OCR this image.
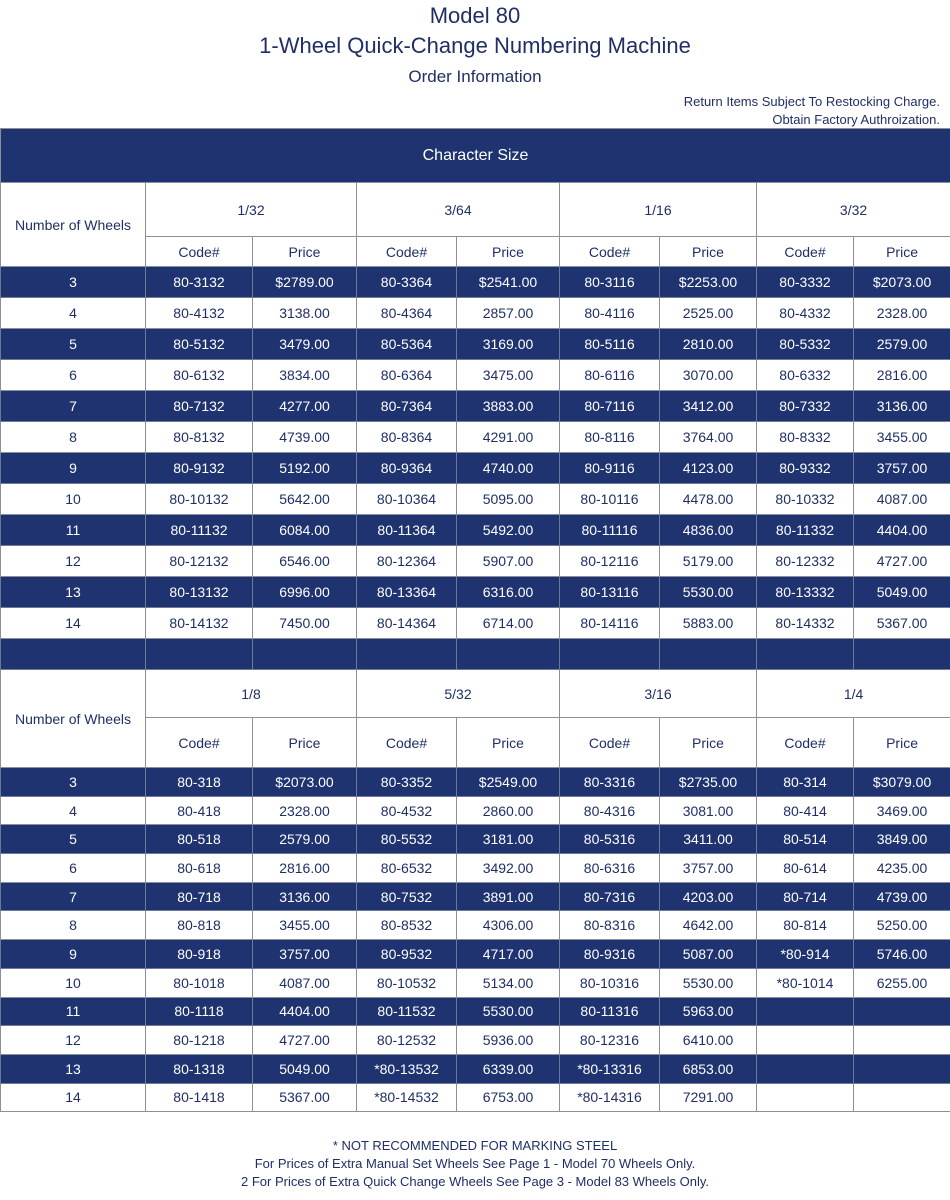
Model 80
1-Wheel Quick-Change Numbering Machine
Order Information
Return Items Subject To Restocking Charge.
Obtain Factory Authroization.
Character Size								
Number of Wheels	1/32		3/64		1/16		3/32	
	Code#	Price	Code#	Price	Code#	Price	Code#	Price
3	80-3132	$2789.00	80-3364	$2541.00	80-3116	$2253.00	80-3332	$2073.00
4	80-4132	3138.00	80-4364	2857.00	80-4116	2525.00	80-4332	2328.00
5	80-5132	3479.00	80-5364	3169.00	80-5116	2810.00	80-5332	2579.00
6	80-6132	3834.00	80-6364	3475.00	80-6116	3070.00	80-6332	2816.00
7	80-7132	4277.00	80-7364	3883.00	80-7116	3412.00	80-7332	3136.00
8	80-8132	4739.00	80-8364	4291.00	80-8116	3764.00	80-8332	3455.00
9	80-9132	5192.00	80-9364	4740.00	80-9116	4123.00	80-9332	3757.00
10	80-10132	5642.00	80-10364	5095.00	80-10116	4478.00	80-10332	4087.00
11	80-11132	6084.00	80-11364	5492.00	80-11116	4836.00	80-11332	4404.00
12	80-12132	6546.00	80-12364	5907.00	80-12116	5179.00	80-12332	4727.00
13	80-13132	6996.00	80-13364	6316.00	80-13116	5530.00	80-13332	5049.00
14	80-14132	7450.00	80-14364	6714.00	80-14116	5883.00	80-14332	5367.00

Number of Wheels	1/8		5/32		3/16		1/4	
	Code#	Price	Code#	Price	Code#	Price	Code#	Price
3	80-318	$2073.00	80-3352	$2549.00	80-3316	$2735.00	80-314	$3079.00
4	80-418	2328.00	80-4532	2860.00	80-4316	3081.00	80-414	3469.00
5	80-518	2579.00	80-5532	3181.00	80-5316	3411.00	80-514	3849.00
6	80-618	2816.00	80-6532	3492.00	80-6316	3757.00	80-614	4235.00
7	80-718	3136.00	80-7532	3891.00	80-7316	4203.00	80-714	4739.00
8	80-818	3455.00	80-8532	4306.00	80-8316	4642.00	80-814	5250.00
9	80-918	3757.00	80-9532	4717.00	80-9316	5087.00	*80-914	5746.00
10	80-1018	4087.00	80-10532	5134.00	80-10316	5530.00	*80-1014	6255.00
11	80-1118	4404.00	80-11532	5530.00	80-11316	5963.00		
12	80-1218	4727.00	80-12532	5936.00	80-12316	6410.00		
13	80-1318	5049.00	*80-13532	6339.00	*80-13316	6853.00		
14	80-1418	5367.00	*80-14532	6753.00	*80-14316	7291.00		
* NOT RECOMMENDED FOR MARKING STEEL
For Prices of Extra Manual Set Wheels See Page 1 - Model 70 Wheels Only.
2 For Prices of Extra Quick Change Wheels See Page 3 - Model 83 Wheels Only.
